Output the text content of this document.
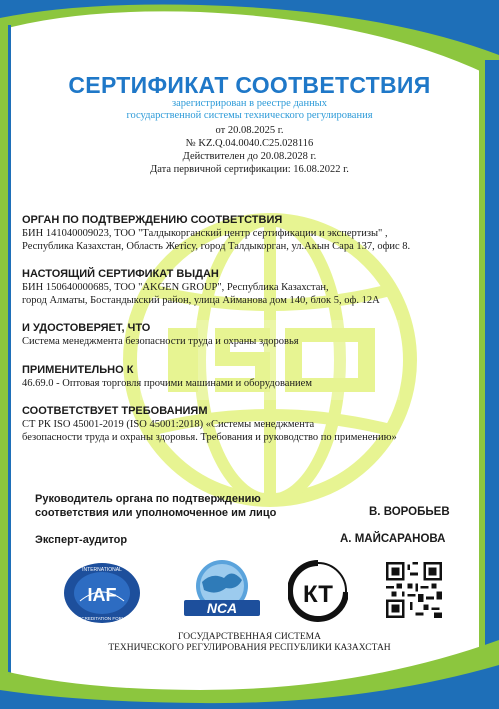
СЕРТИФИКАТ СООТВЕТСТВИЯ
зарегистрирован в реестре данных
государственной системы технического регулирования
от 20.08.2025 г.
№ KZ.Q.04.0040.C25.028116
Действителен до 20.08.2028 г.
Дата первичной сертификации: 16.08.2022 г.
ОРГАН ПО ПОДТВЕРЖДЕНИЮ СООТВЕТСТВИЯ
БИН 141040009023, ТОО "Талдыкорганский центр сертификации и экспертизы" ,
Республика Казахстан, Область Жетісу, город Талдыкорган, ул.Акын Сара 137, офис 8.
НАСТОЯЩИЙ СЕРТИФИКАТ ВЫДАН
БИН 150640000685, ТОО "AKGEN GROUP", Республика Казахстан,
город Алматы, Бостандыкский район, улица Айманова дом 140, блок 5, оф. 12А
И УДОСТОВЕРЯЕТ, ЧТО
Система менеджмента безопасности труда и охраны здоровья
ПРИМЕНИТЕЛЬНО К
46.69.0 - Оптовая торговля прочими машинами и оборудованием
СООТВЕТСТВУЕТ ТРЕБОВАНИЯМ
СТ РК ISO 45001-2019 (ISO 45001:2018) «Системы менеджмента
безопасности труда и охраны здоровья. Требования и руководство по применению»
Руководитель органа по подтверждению
соответствия или уполномоченное им лицо	В. ВОРОБЬЕВ
Эксперт-аудитор	А. МАЙСАРАНОВА
IAF
INTERNATIONAL
ACCREDITATION FORUM
NCA	КТ
ГОСУДАРСТВЕННАЯ СИСТЕМА
ТЕХНИЧЕСКОГО РЕГУЛИРОВАНИЯ РЕСПУБЛИКИ КАЗАХСТАН
